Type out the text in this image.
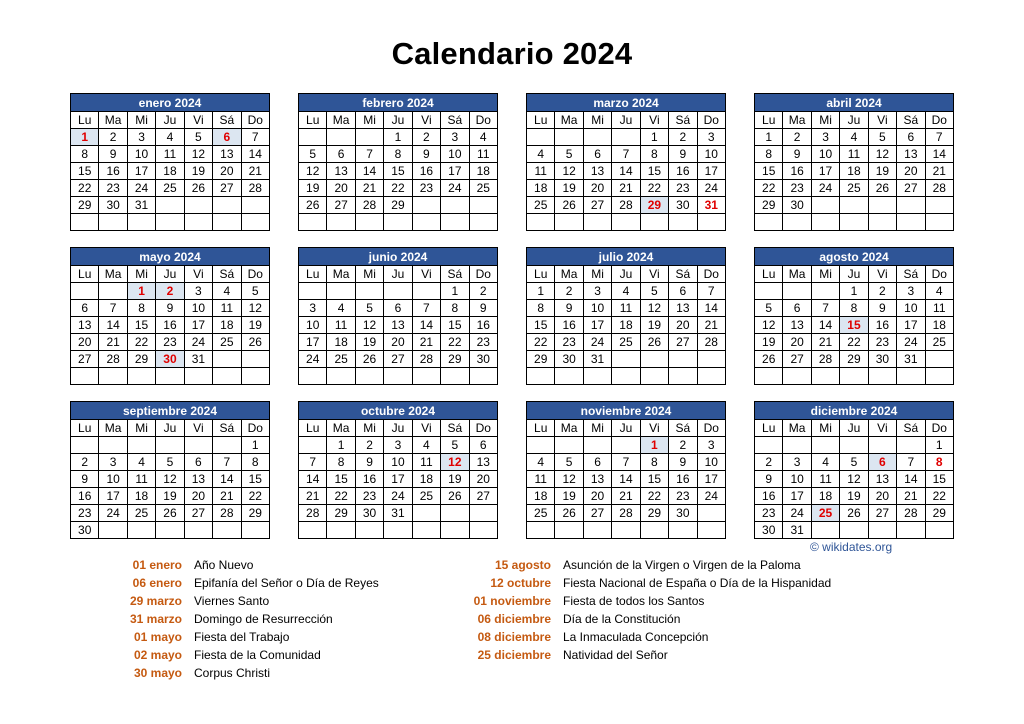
Calendario 2024
enero 2024						
Lu	Ma	Mi	Ju	Vi	Sá	Do
1	2	3	4	5	6	7
8	9	10	11	12	13	14
15	16	17	18	19	20	21
22	23	24	25	26	27	28
29	30	31				

febrero 2024						
Lu	Ma	Mi	Ju	Vi	Sá	Do
			1	2	3	4
5	6	7	8	9	10	11
12	13	14	15	16	17	18
19	20	21	22	23	24	25
26	27	28	29			

marzo 2024						
Lu	Ma	Mi	Ju	Vi	Sá	Do
				1	2	3
4	5	6	7	8	9	10
11	12	13	14	15	16	17
18	19	20	21	22	23	24
25	26	27	28	29	30	31

abril 2024						
Lu	Ma	Mi	Ju	Vi	Sá	Do
1	2	3	4	5	6	7
8	9	10	11	12	13	14
15	16	17	18	19	20	21
22	23	24	25	26	27	28
29	30					

mayo 2024						
Lu	Ma	Mi	Ju	Vi	Sá	Do
		1	2	3	4	5
6	7	8	9	10	11	12
13	14	15	16	17	18	19
20	21	22	23	24	25	26
27	28	29	30	31		

junio 2024						
Lu	Ma	Mi	Ju	Vi	Sá	Do
					1	2
3	4	5	6	7	8	9
10	11	12	13	14	15	16
17	18	19	20	21	22	23
24	25	26	27	28	29	30

julio 2024						
Lu	Ma	Mi	Ju	Vi	Sá	Do
1	2	3	4	5	6	7
8	9	10	11	12	13	14
15	16	17	18	19	20	21
22	23	24	25	26	27	28
29	30	31				

agosto 2024						
Lu	Ma	Mi	Ju	Vi	Sá	Do
			1	2	3	4
5	6	7	8	9	10	11
12	13	14	15	16	17	18
19	20	21	22	23	24	25
26	27	28	29	30	31	

septiembre 2024						
Lu	Ma	Mi	Ju	Vi	Sá	Do
						1
2	3	4	5	6	7	8
9	10	11	12	13	14	15
16	17	18	19	20	21	22
23	24	25	26	27	28	29
30						
octubre 2024						
Lu	Ma	Mi	Ju	Vi	Sá	Do
	1	2	3	4	5	6
7	8	9	10	11	12	13
14	15	16	17	18	19	20
21	22	23	24	25	26	27
28	29	30	31			

noviembre 2024						
Lu	Ma	Mi	Ju	Vi	Sá	Do
				1	2	3
4	5	6	7	8	9	10
11	12	13	14	15	16	17
18	19	20	21	22	23	24
25	26	27	28	29	30	

diciembre 2024						
Lu	Ma	Mi	Ju	Vi	Sá	Do
						1
2	3	4	5	6	7	8
9	10	11	12	13	14	15
16	17	18	19	20	21	22
23	24	25	26	27	28	29
30	31					
© wikidates.org
01 enero Año Nuevo
06 enero Epifanía del Señor o Día de Reyes
29 marzo Viernes Santo
31 marzo Domingo de Resurrección
01 mayo Fiesta del Trabajo
02 mayo Fiesta de la Comunidad
30 mayo Corpus Christi
15 agosto Asunción de la Virgen o Virgen de la Paloma
12 octubre Fiesta Nacional de España o Día de la Hispanidad
01 noviembre Fiesta de todos los Santos
06 diciembre Día de la Constitución
08 diciembre La Inmaculada Concepción
25 diciembre Natividad del Señor
